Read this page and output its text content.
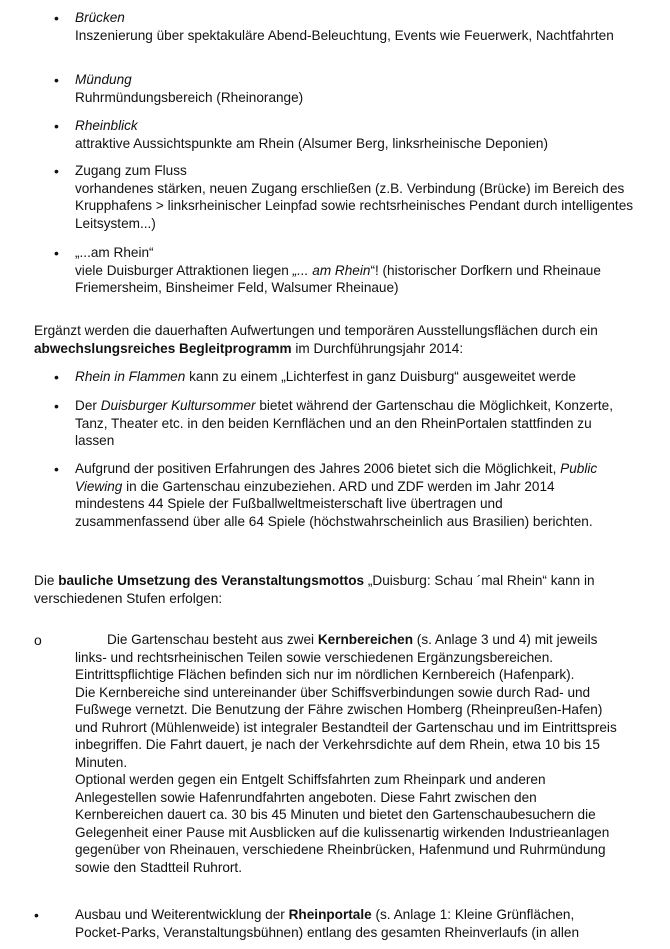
• Brücken

Inszenierung über spektakuläre Abend-Beleuchtung, Events wie Feuerwerk, Nachtfahrten

• Mündung

Ruhrmündungsbereich (Rheinorange)

• Rheinblick

attraktive Aussichtspunkte am Rhein (Alsumer Berg, linksrheinische Deponien)

• Zugang zum Fluss

vorhandenes stärken, neuen Zugang erschließen (z.B. Verbindung (Brücke) im Bereich des Krupphafens > linksrheinischer Leinpfad sowie rechtsrheinisches Pendant durch intelligentes Leitsystem...)

• „...am Rhein“

viele Duisburger Attraktionen liegen „... am Rhein“! (historischer Dorfkern und Rheinaue Friemersheim, Binsheimer Feld, Walsumer Rheinaue)

Ergänzt werden die dauerhaften Aufwertungen und temporären Ausstellungsflächen durch ein abwechslungsreiches Begleitprogramm im Durchführungsjahr 2014:

• Rhein in Flammen kann zu einem „Lichterfest in ganz Duisburg“ ausgeweitet werde

• Der Duisburger Kultursommer bietet während der Gartenschau die Möglichkeit, Konzerte, Tanz, Theater etc. in den beiden Kernflächen und an den RheinPortalen stattfinden zu lassen

• Aufgrund der positiven Erfahrungen des Jahres 2006 bietet sich die Möglichkeit, Public Viewing in die Gartenschau einzubeziehen. ARD und ZDF werden im Jahr 2014 mindestens 44 Spiele der Fußballweltmeisterschaft live übertragen und zusammenfassend über alle 64 Spiele (höchstwahrscheinlich aus Brasilien) berichten.

Die bauliche Umsetzung des Veranstaltungsmottos „Duisburg: Schau ´mal Rhein“ kann in verschiedenen Stufen erfolgen:

o	Die Gartenschau besteht aus zwei Kernbereichen (s. Anlage 3 und 4) mit jeweils links- und rechtsrheinischen Teilen sowie verschiedenen Ergänzungsbereichen. Eintrittspflichtige Flächen befinden sich nur im nördlichen Kernbereich (Hafenpark).

Die Kernbereiche sind untereinander über Schiffsverbindungen sowie durch Rad- und Fußwege vernetzt. Die Benutzung der Fähre zwischen Homberg (Rheinpreußen-Hafen) und Ruhrort (Mühlenweide) ist integraler Bestandteil der Gartenschau und im Eintrittspreis inbegriffen. Die Fahrt dauert, je nach der Verkehrsdichte auf dem Rhein, etwa 10 bis 15 Minuten.

Optional werden gegen ein Entgelt Schiffsfahrten zum Rheinpark und anderen Anlegestellen sowie Hafenrundfahrten angeboten. Diese Fahrt zwischen den Kernbereichen dauert ca. 30 bis 45 Minuten und bietet den Gartenschaubesuchern die Gelegenheit einer Pause mit Ausblicken auf die kulissenartig wirkenden Industrieanlagen gegenüber von Rheinauen, verschiedene Rheinbrücken, Hafenmund und Ruhrmündung sowie den Stadtteil Ruhrort.

•	Ausbau und Weiterentwicklung der Rheinportale (s. Anlage 1: Kleine Grünflächen, Pocket-Parks, Veranstaltungsbühnen) entlang des gesamten Rheinverlaufs (in allen
